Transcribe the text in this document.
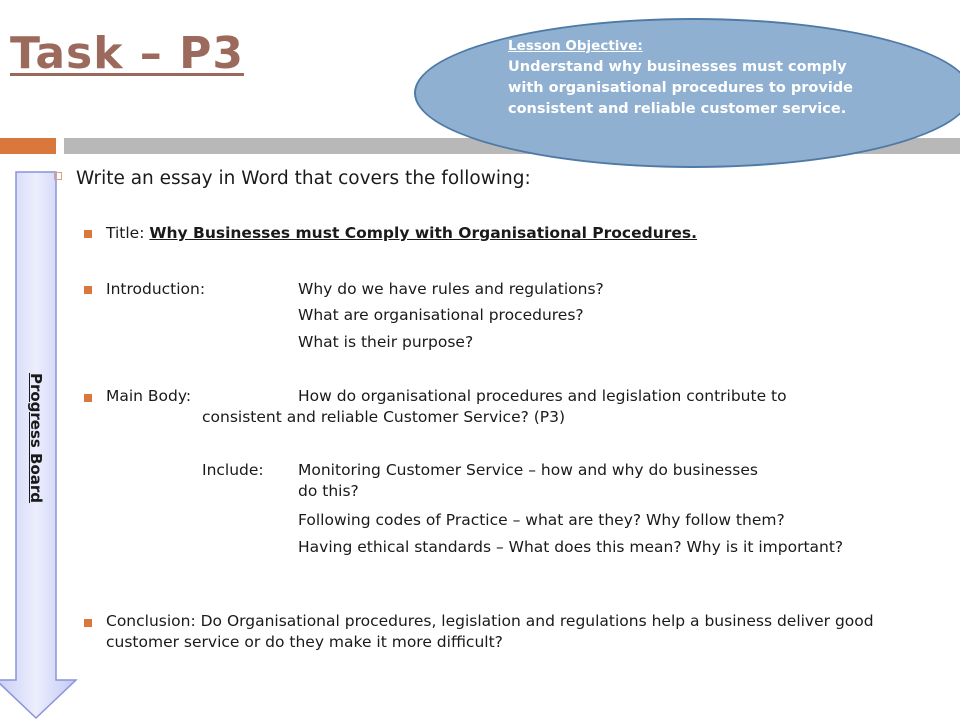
Task – P3	Lesson Objective:
Understand why businesses must comply with organisational procedures to provide consistent and reliable customer service.
Progress Board
Write an essay in Word that covers the following:
Title: Why Businesses must Comply with Organisational Procedures.
Introduction:	Why do we have rules and regulations?
What are organisational procedures?
What is their purpose?
Main Body:	How do organisational procedures and legislation contribute to
consistent and reliable Customer Service? (P3)
Include: Monitoring Customer Service – how and why do businesses
do this?
Following codes of Practice – what are they? Why follow them?
Having ethical standards – What does this mean? Why is it important?
Conclusion: Do Organisational procedures, legislation and regulations help a business deliver good
customer service or do they make it more difficult?
